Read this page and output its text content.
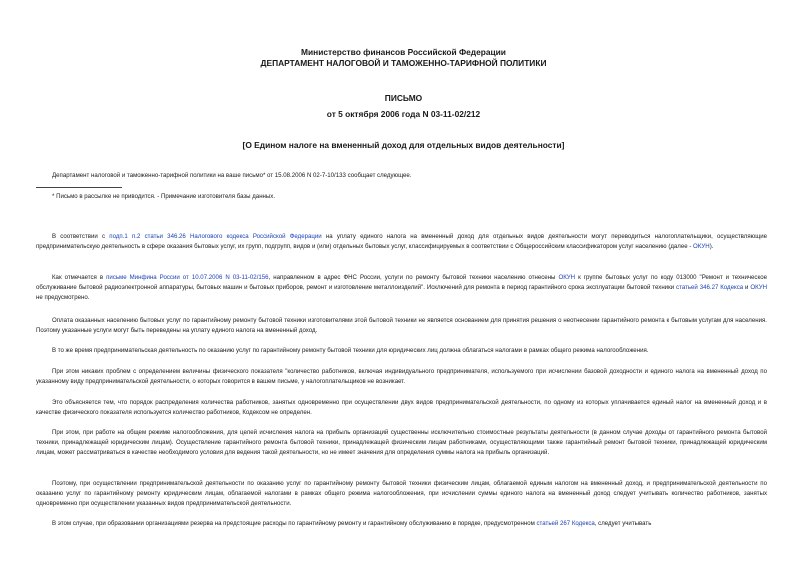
Министерство финансов Российской Федерации
ДЕПАРТАМЕНТ НАЛОГОВОЙ И ТАМОЖЕННО-ТАРИФНОЙ ПОЛИТИКИ
ПИСЬМО
от 5 октября 2006 года N 03-11-02/212
[О Едином налоге на вмененный доход для отдельных видов деятельности]

Департамент налоговой и таможенно-тарифной политики на ваше письмо* от 15.08.2006 N 02-7-10/133 сообщает следующее.

* Письмо в рассылке не приводится. - Примечание изготовителя базы данных.

В соответствии с подп.1 п.2 статьи 346.26 Налогового кодекса Российской Федерации на уплату единого налога на вмененный доход для отдельных видов деятельности могут переводиться налогоплательщики, осуществляющие предпринимательскую деятельность в сфере оказания бытовых услуг, их групп, подгрупп, видов и (или) отдельных бытовых услуг, классифицируемых в соответствии с Общероссийским классификатором услуг населению (далее - ОКУН).

Как отмечается в письме Минфина России от 10.07.2006 N 03-11-02/156, направленном в адрес ФНС России, услуги по ремонту бытовой техники населению отнесены ОКУН к группе бытовых услуг по коду 013000 "Ремонт и техническое обслуживание бытовой радиоэлектронной аппаратуры, бытовых машин и бытовых приборов, ремонт и изготовление металлоизделий". Исключений для ремонта в период гарантийного срока эксплуатации бытовой техники статьей 346.27 Кодекса и ОКУН не предусмотрено.

Оплата оказанных населению бытовых услуг по гарантийному ремонту бытовой техники изготовителями этой бытовой техники не является основанием для принятия решения о неотнесении гарантийного ремонта к бытовым услугам для населения. Поэтому указанные услуги могут быть переведены на уплату единого налога на вмененный доход.

В то же время предпринимательская деятельность по оказанию услуг по гарантийному ремонту бытовой техники для юридических лиц должна облагаться налогами в рамках общего режима налогообложения.

При этом никаких проблем с определением величины физического показателя "количество работников, включая индивидуального предпринимателя, используемого при исчислении базовой доходности и единого налога на вмененный доход по указанному виду предпринимательской деятельности, о которых говорится в вашем письме, у налогоплательщиков не возникает.

Это объясняется тем, что порядок распределения количества работников, занятых одновременно при осуществлении двух видов предпринимательской деятельности, по одному из которых уплачивается единый налог на вмененный доход и в качестве физического показателя используется количество работников, Кодексом не определен.

При этом, при работе на общем режиме налогообложения, для целей исчисления налога на прибыль организаций существенны исключительно стоимостные результаты деятельности (в данном случае доходы от гарантийного ремонта бытовой техники, принадлежащей юридическим лицам). Осуществление гарантийного ремонта бытовой техники, принадлежащей физическим лицам работниками, осуществляющими также гарантийный ремонт бытовой техники, принадлежащей юридическим лицам, может рассматриваться в качестве необходимого условия для ведения такой деятельности, но не имеет значения для определения суммы налога на прибыль организаций.

Поэтому, при осуществлении предпринимательской деятельности по оказанию услуг по гарантийному ремонту бытовой техники физическим лицам, облагаемой единым налогом на вмененный доход, и предпринимательской деятельности по оказанию услуг по гарантийному ремонту юридическим лицам, облагаемой налогами в рамках общего режима налогообложения, при исчислении суммы единого налога на вмененный доход следует учитывать количество работников, занятых одновременно при осуществлении указанных видов предпринимательской деятельности.

В этом случае, при образовании организациями резерва на предстоящие расходы по гарантийному ремонту и гарантийному обслуживанию в порядке, предусмотренном статьей 267 Кодекса, следует учитывать
